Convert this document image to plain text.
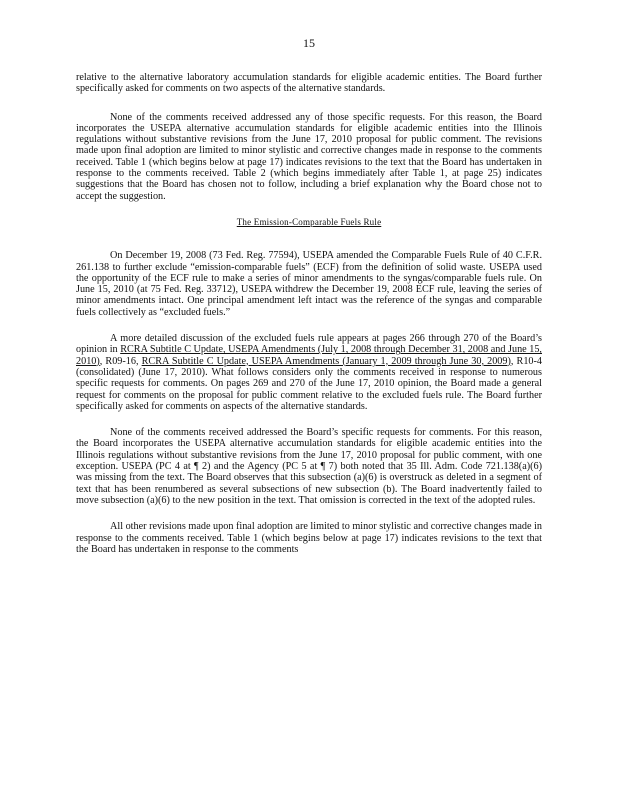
15

relative to the alternative laboratory accumulation standards for eligible academic entities. The Board further specifically asked for comments on two aspects of the alternative standards.

None of the comments received addressed any of those specific requests. For this reason, the Board incorporates the USEPA alternative accumulation standards for eligible academic entities into the Illinois regulations without substantive revisions from the June 17, 2010 proposal for public comment. The revisions made upon final adoption are limited to minor stylistic and corrective changes made in response to the comments received. Table 1 (which begins below at page 17) indicates revisions to the text that the Board has undertaken in response to the comments received. Table 2 (which begins immediately after Table 1, at page 25) indicates suggestions that the Board has chosen not to follow, including a brief explanation why the Board chose not to accept the suggestion.

The Emission-Comparable Fuels Rule

On December 19, 2008 (73 Fed. Reg. 77594), USEPA amended the Comparable Fuels Rule of 40 C.F.R. 261.138 to further exclude “emission-comparable fuels” (ECF) from the definition of solid waste. USEPA used the opportunity of the ECF rule to make a series of minor amendments to the syngas/comparable fuels rule. On June 15, 2010 (at 75 Fed. Reg. 33712), USEPA withdrew the December 19, 2008 ECF rule, leaving the series of minor amendments intact. One principal amendment left intact was the reference of the syngas and comparable fuels collectively as “excluded fuels.”

A more detailed discussion of the excluded fuels rule appears at pages 266 through 270 of the Board’s opinion in RCRA Subtitle C Update, USEPA Amendments (July 1, 2008 through December 31, 2008 and June 15, 2010), R09-16, RCRA Subtitle C Update, USEPA Amendments (January 1, 2009 through June 30, 2009), R10-4 (consolidated) (June 17, 2010). What follows considers only the comments received in response to numerous specific requests for comments. On pages 269 and 270 of the June 17, 2010 opinion, the Board made a general request for comments on the proposal for public comment relative to the excluded fuels rule. The Board further specifically asked for comments on aspects of the alternative standards.

None of the comments received addressed the Board’s specific requests for comments. For this reason, the Board incorporates the USEPA alternative accumulation standards for eligible academic entities into the Illinois regulations without substantive revisions from the June 17, 2010 proposal for public comment, with one exception. USEPA (PC 4 at ¶ 2) and the Agency (PC 5 at ¶ 7) both noted that 35 Ill. Adm. Code 721.138(a)(6) was missing from the text. The Board observes that this subsection (a)(6) is overstruck as deleted in a segment of text that has been renumbered as several subsections of new subsection (b). The Board inadvertently failed to move subsection (a)(6) to the new position in the text. That omission is corrected in the text of the adopted rules.

All other revisions made upon final adoption are limited to minor stylistic and corrective changes made in response to the comments received. Table 1 (which begins below at page 17) indicates revisions to the text that the Board has undertaken in response to the comments
